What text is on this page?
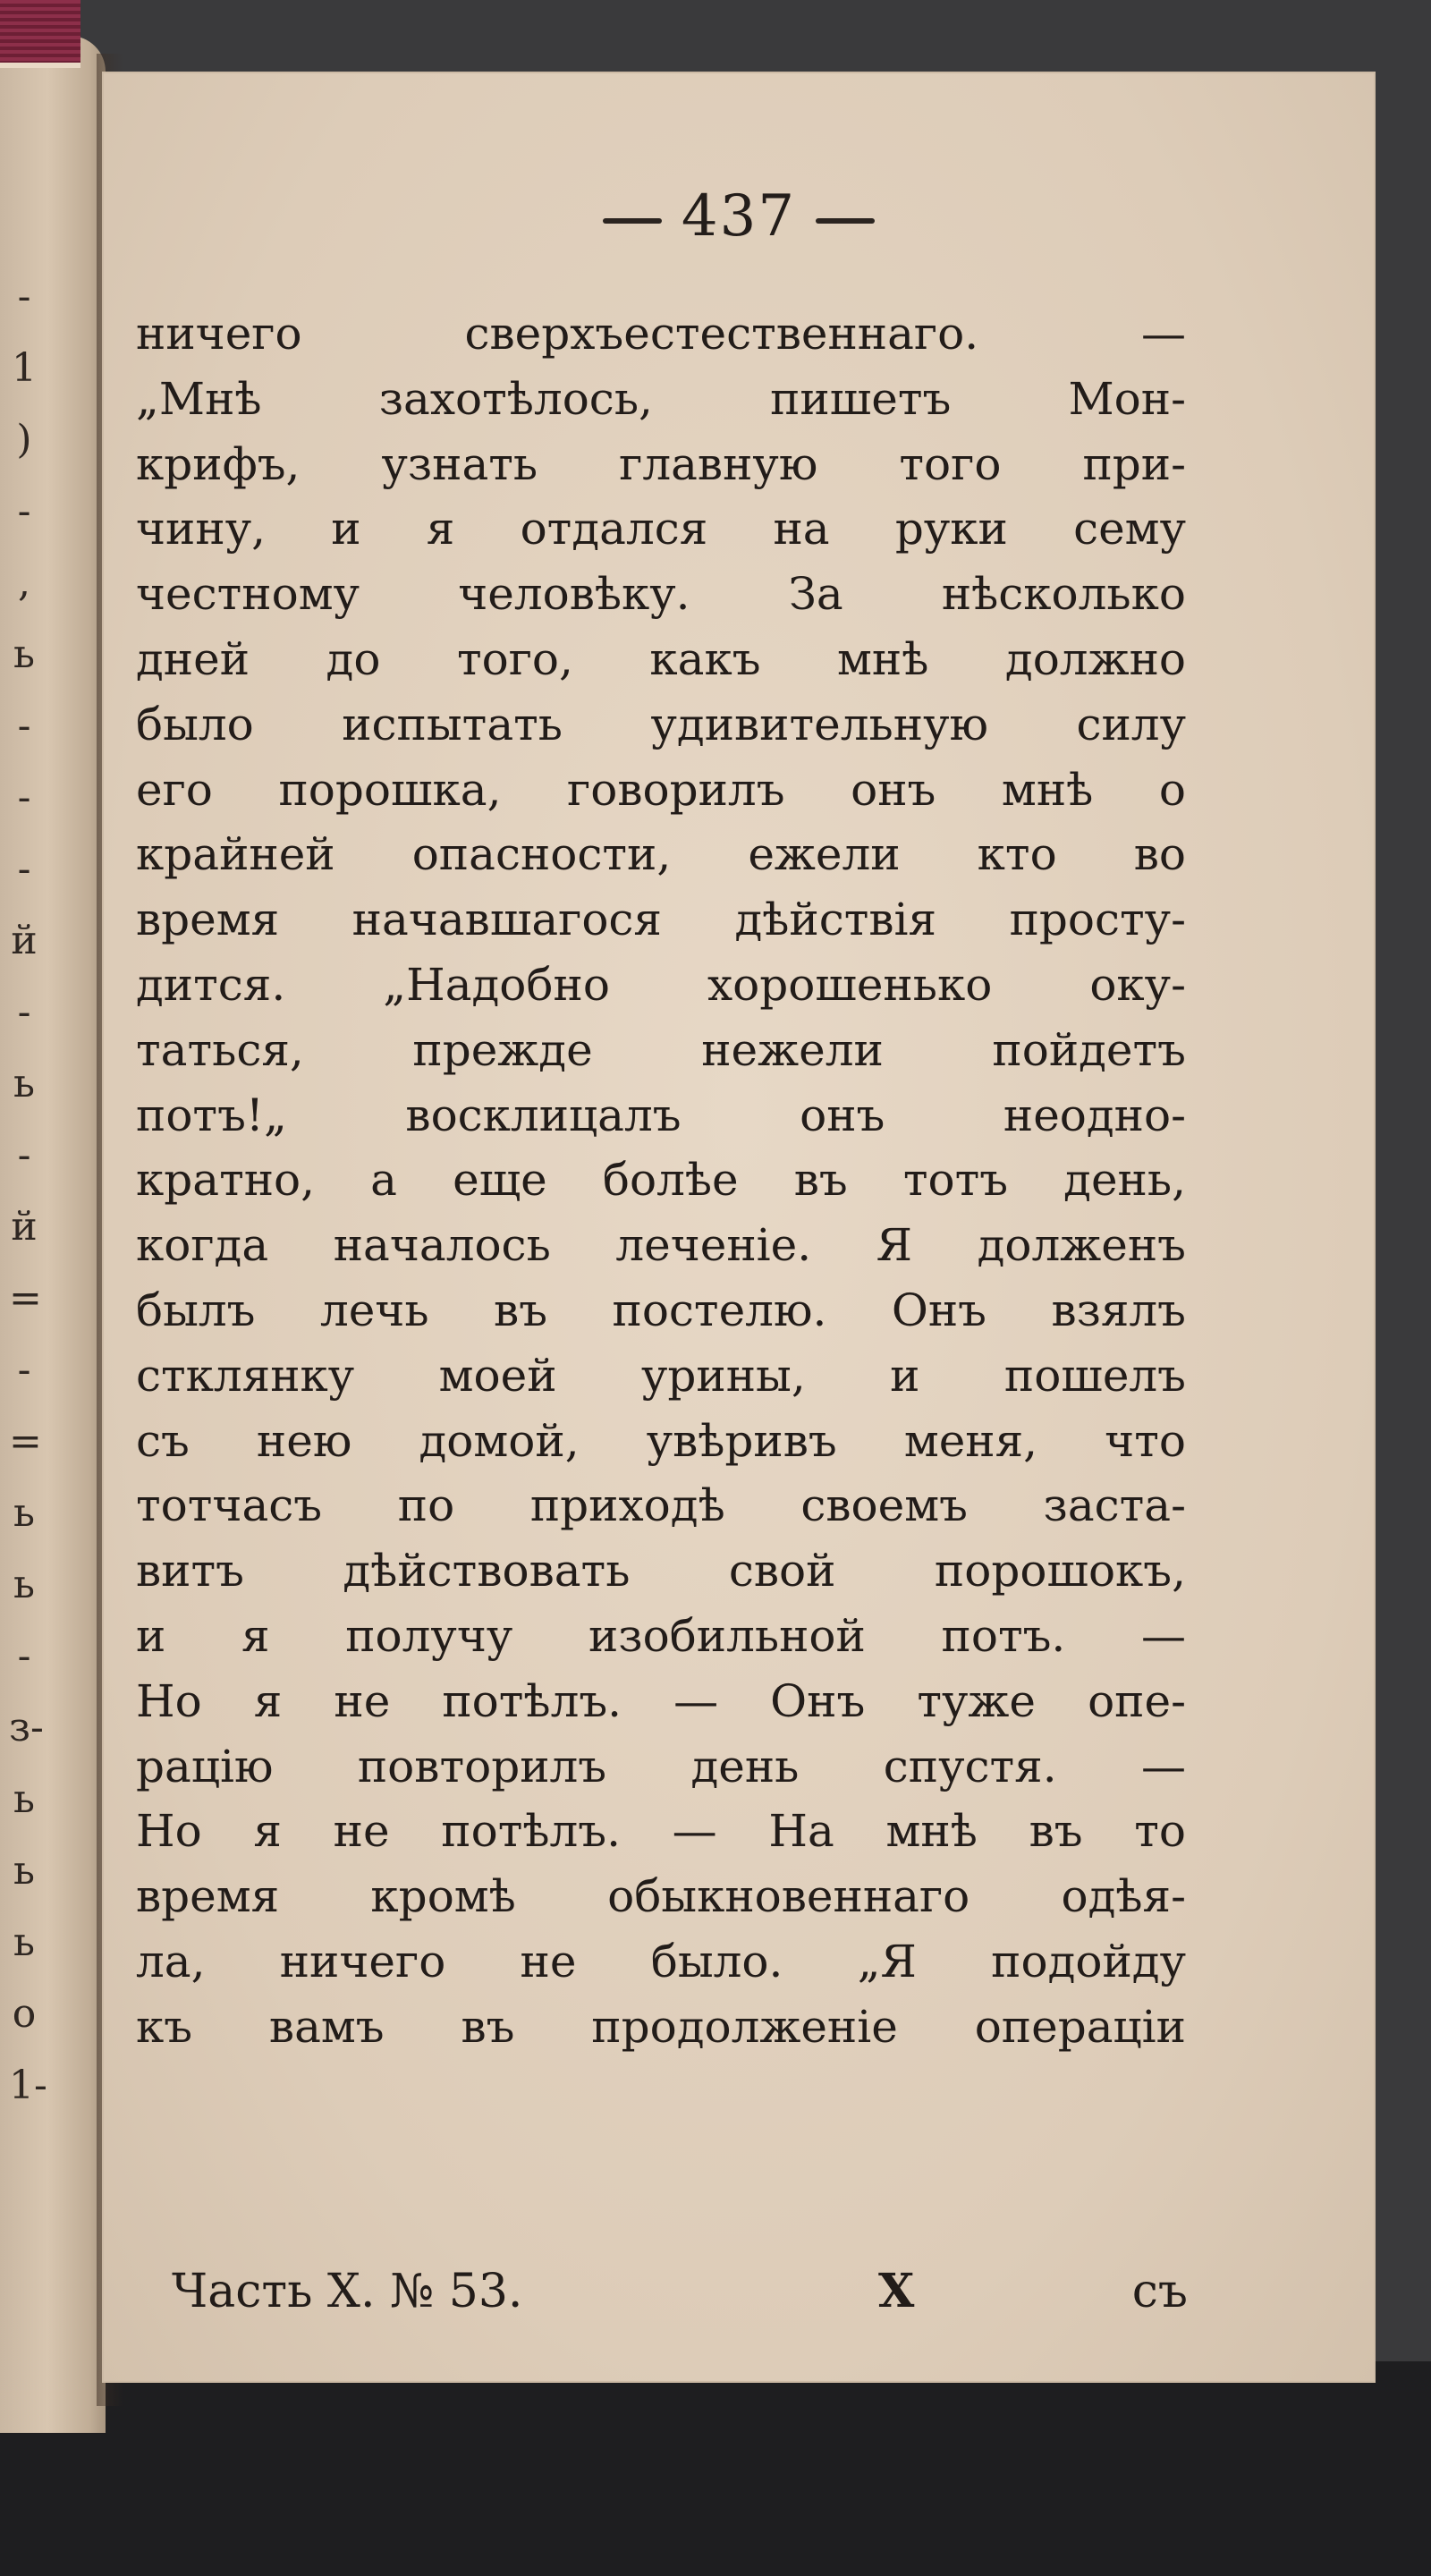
-
1
)
-
,
ь
-
-
-
й
-
ь
-
й
=
-
=
ь
ь
-
з-
ь
ь
ь
о
1-
437
ничего сверхъестественнаго. —
„Мнѣ захотѣлось, пишетъ Мон-
крифъ, узнать главную того при-
чину, и я отдался на руки сему
честному человѣку. За нѣсколько
дней до того, какъ мнѣ должно
было испытать удивительную силу
его порошка, говорилъ онъ мнѣ о
крайней опасности, ежели кто во
время начавшагося дѣйствія просту-
дится. „Надобно хорошенько оку-
таться, прежде нежели пойдетъ
потъ!„ восклицалъ онъ неодно-
кратно, а еще болѣе въ тотъ день,
когда началось леченіе. Я долженъ
былъ лечь въ постелю. Онъ взялъ
стклянку моей урины, и пошелъ
съ нею домой, увѣривъ меня, что
тотчасъ по приходѣ своемъ заста-
витъ дѣйствовать свой порошокъ,
и я получу изобильной потъ. —
Но я не потѣлъ. — Онъ туже опе-
рацію повторилъ день спустя. —
Но я не потѣлъ. — На мнѣ въ то
время кромѣ обыкновеннаго одѣя-
ла, ничего не было. „Я подойду
къ вамъ въ продолженіе операціи
Часть X. № 53.	X	съ
